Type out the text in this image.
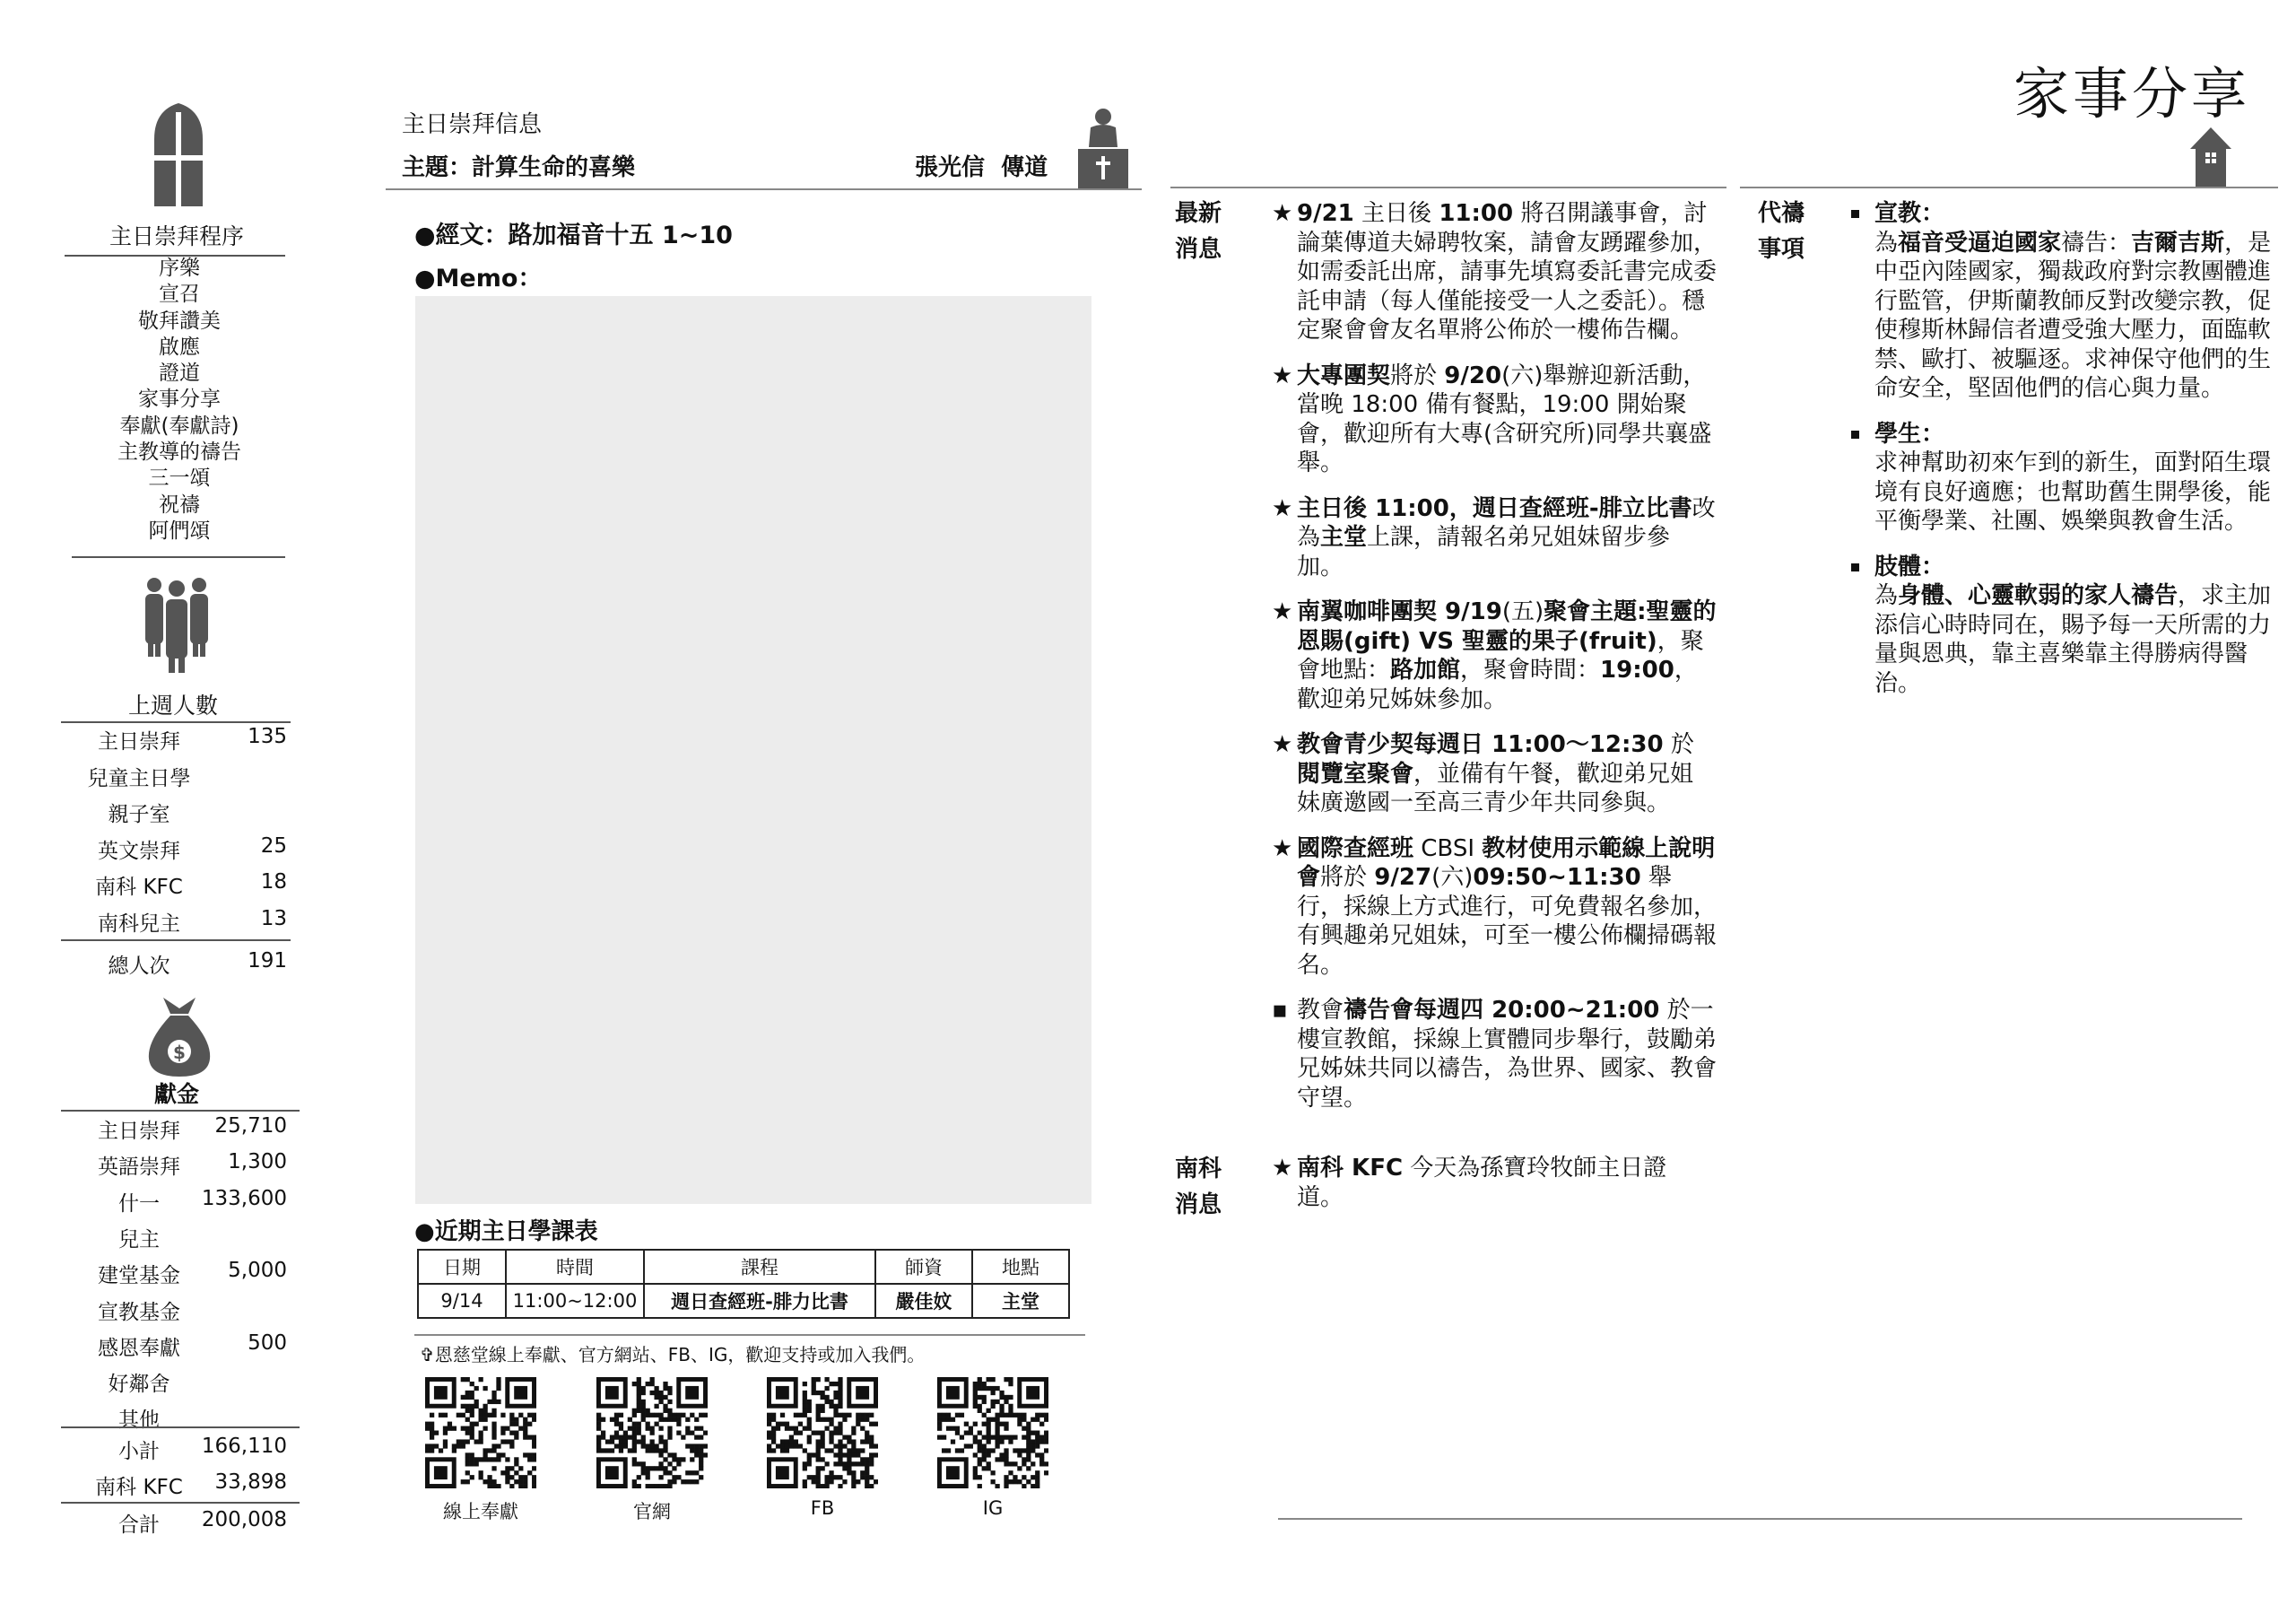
家事分享
主日崇拜程序
序樂
宣召
敬拜讚美
啟應
證道
家事分享
奉獻(奉獻詩)
主教導的禱告
三一頌
祝禱
阿們頌
上週人數
主日崇拜	135
兒童主日學
親子室
英文崇拜	25
南科 KFC	18
南科兒主	13
總人次	191
$
獻金
主日崇拜	25,710
英語崇拜	1,300
什一	133,600
兒主
建堂基金	5,000
宣教基金
感恩奉獻	500
好鄰舍
其他
小計	166,110
南科 KFC	33,898
合計	200,008
主日崇拜信息
主題：計算生命的喜樂	張光信  傳道
●經文：路加福音十五 1~10
●Memo：
●近期主日學課表
日期	時間	課程	師資	地點
9/14	11:00~12:00	週日查經班-腓力比書	嚴佳妏	主堂
✞恩慈堂線上奉獻、官方網站、FB、IG，歡迎支持或加入我們。
線上奉獻	官網	FB	IG
最新消息
★ 9/21 主日後 11:00 將召開議事會，討論葉傳道夫婦聘牧案，請會友踴躍參加，如需委託出席，請事先填寫委託書完成委託申請（每人僅能接受一人之委託）。穩定聚會會友名單將公佈於一樓佈告欄。
★ 大專團契將於 9/20(六)舉辦迎新活動，當晚 18:00 備有餐點，19:00 開始聚會，歡迎所有大專(含研究所)同學共襄盛舉。
★ 主日後 11:00，週日查經班-腓立比書改為主堂上課，請報名弟兄姐妹留步參加。
★ 南翼咖啡團契 9/19(五)聚會主題:聖靈的恩賜(gift) VS 聖靈的果子(fruit)，聚會地點：路加館，聚會時間：19:00，歡迎弟兄姊妹參加。
★ 教會青少契每週日 11:00～12:30 於閱覽室聚會，並備有午餐，歡迎弟兄姐妹廣邀國一至高三青少年共同參與。
★ 國際查經班 CBSI 教材使用示範線上說明會將於 9/27(六)09:50~11:30 舉行，採線上方式進行，可免費報名參加，有興趣弟兄姐妹，可至一樓公佈欄掃碼報名。
▪ 教會禱告會每週四 20:00~21:00 於一樓宣教館，採線上實體同步舉行，鼓勵弟兄姊妹共同以禱告，為世界、國家、教會守望。
南科消息
★ 南科 KFC 今天為孫寶玲牧師主日證道。
代禱事項
宣教：
為福音受逼迫國家禱告：吉爾吉斯，是中亞內陸國家，獨裁政府對宗教團體進行監管，伊斯蘭教師反對改變宗教，促使穆斯林歸信者遭受強大壓力，面臨軟禁、歐打、被驅逐。求神保守他們的生命安全，堅固他們的信心與力量。
學生：
求神幫助初來乍到的新生，面對陌生環境有良好適應；也幫助舊生開學後，能平衡學業、社團、娛樂與教會生活。
肢體：
為身體、心靈軟弱的家人禱告，求主加添信心時時同在，賜予每一天所需的力量與恩典，靠主喜樂靠主得勝病得醫治。
